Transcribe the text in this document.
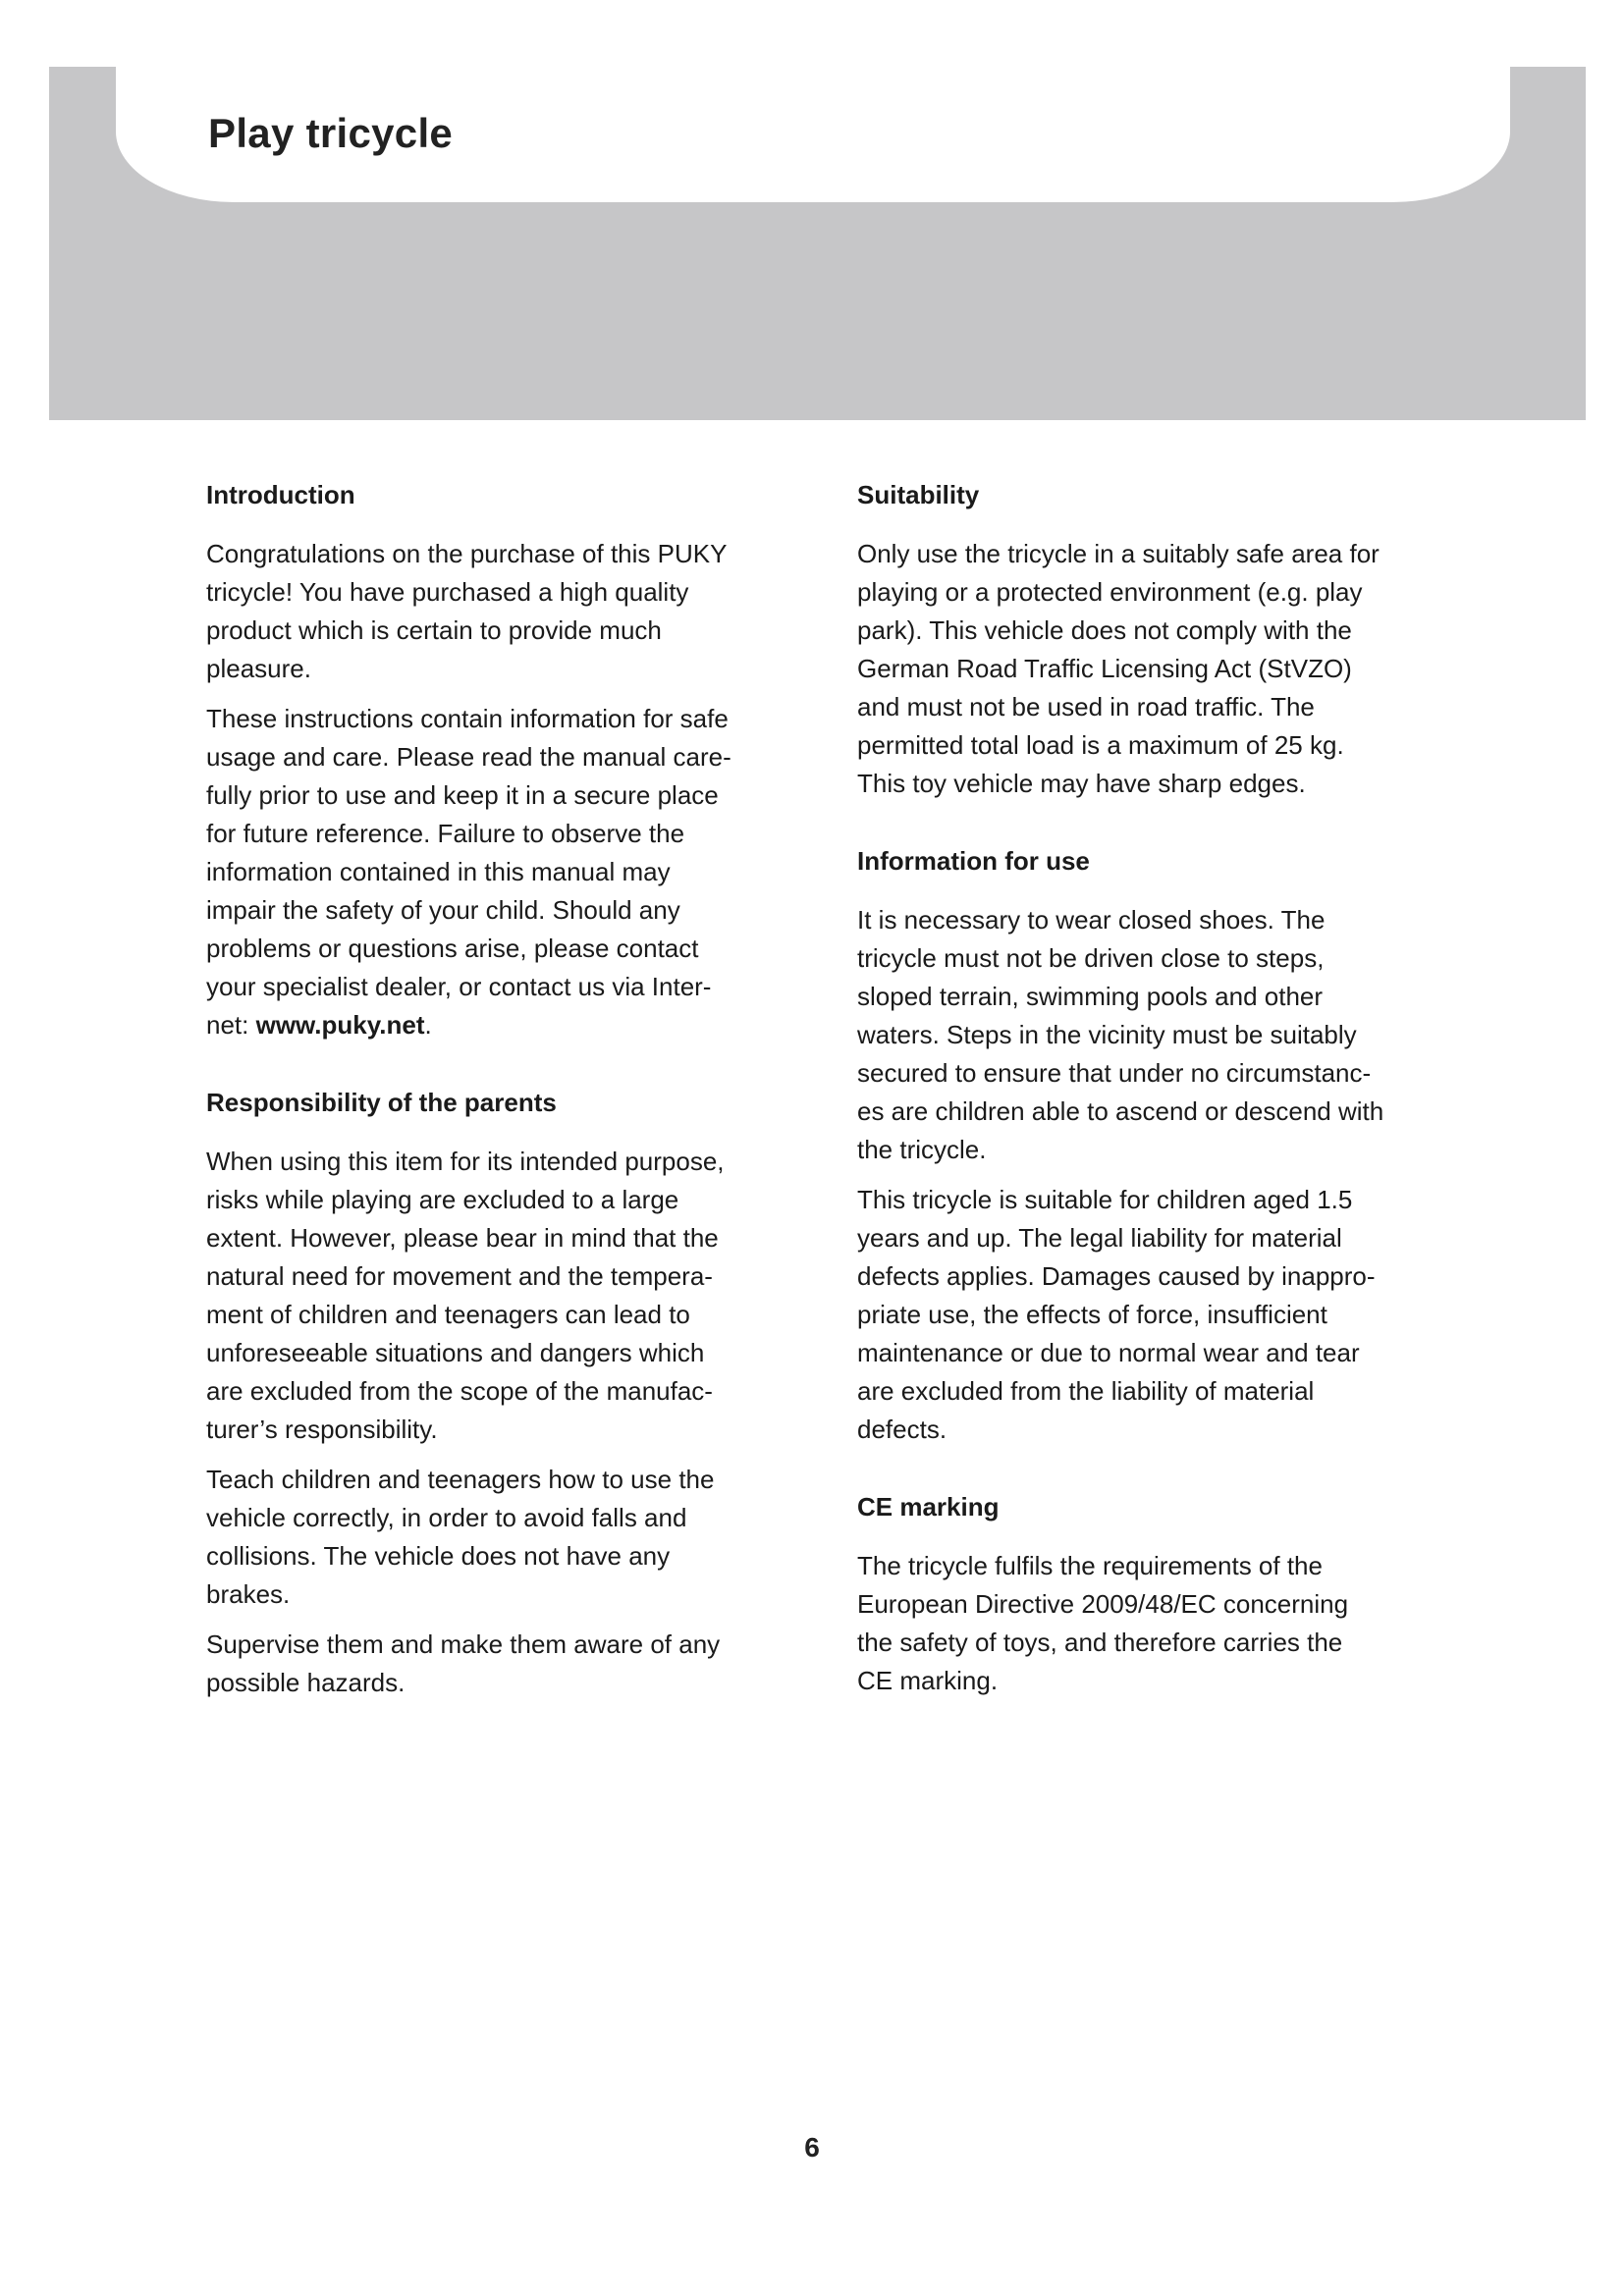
Play tricycle
Introduction

Congratulations on the purchase of this PUKY
tricycle! You have purchased a high quality
product which is certain to provide much
pleasure.

These instructions contain information for safe
usage and care. Please read the manual care-
fully prior to use and keep it in a secure place
for future reference. Failure to observe the
information contained in this manual may
impair the safety of your child. Should any
problems or questions arise, please contact
your specialist dealer, or contact us via Inter-
net: www.puky.net.

Responsibility of the parents

When using this item for its intended purpose,
risks while playing are excluded to a large
extent. However, please bear in mind that the
natural need for movement and the tempera-
ment of children and teenagers can lead to
unforeseeable situations and dangers which
are excluded from the scope of the manufac-
turer’s responsibility.

Teach children and teenagers how to use the
vehicle correctly, in order to avoid falls and
collisions. The vehicle does not have any
brakes.

Supervise them and make them aware of any
possible hazards.

Suitability

Only use the tricycle in a suitably safe area for
playing or a protected environment (e.g. play
park). This vehicle does not comply with the
German Road Traffic Licensing Act (StVZO)
and must not be used in road traffic. The
permitted total load is a maximum of 25 kg.
This toy vehicle may have sharp edges.

Information for use

It is necessary to wear closed shoes. The
tricycle must not be driven close to steps,
sloped terrain, swimming pools and other
waters. Steps in the vicinity must be suitably
secured to ensure that under no circumstanc-
es are children able to ascend or descend with
the tricycle.

This tricycle is suitable for children aged 1.5
years and up. The legal liability for material
defects applies. Damages caused by inappro-
priate use, the effects of force, insufficient
maintenance or due to normal wear and tear
are excluded from the liability of material
defects.

CE marking

The tricycle fulfils the requirements of the
European Directive 2009/48/EC concerning
the safety of toys, and therefore carries the
CE marking.

6
